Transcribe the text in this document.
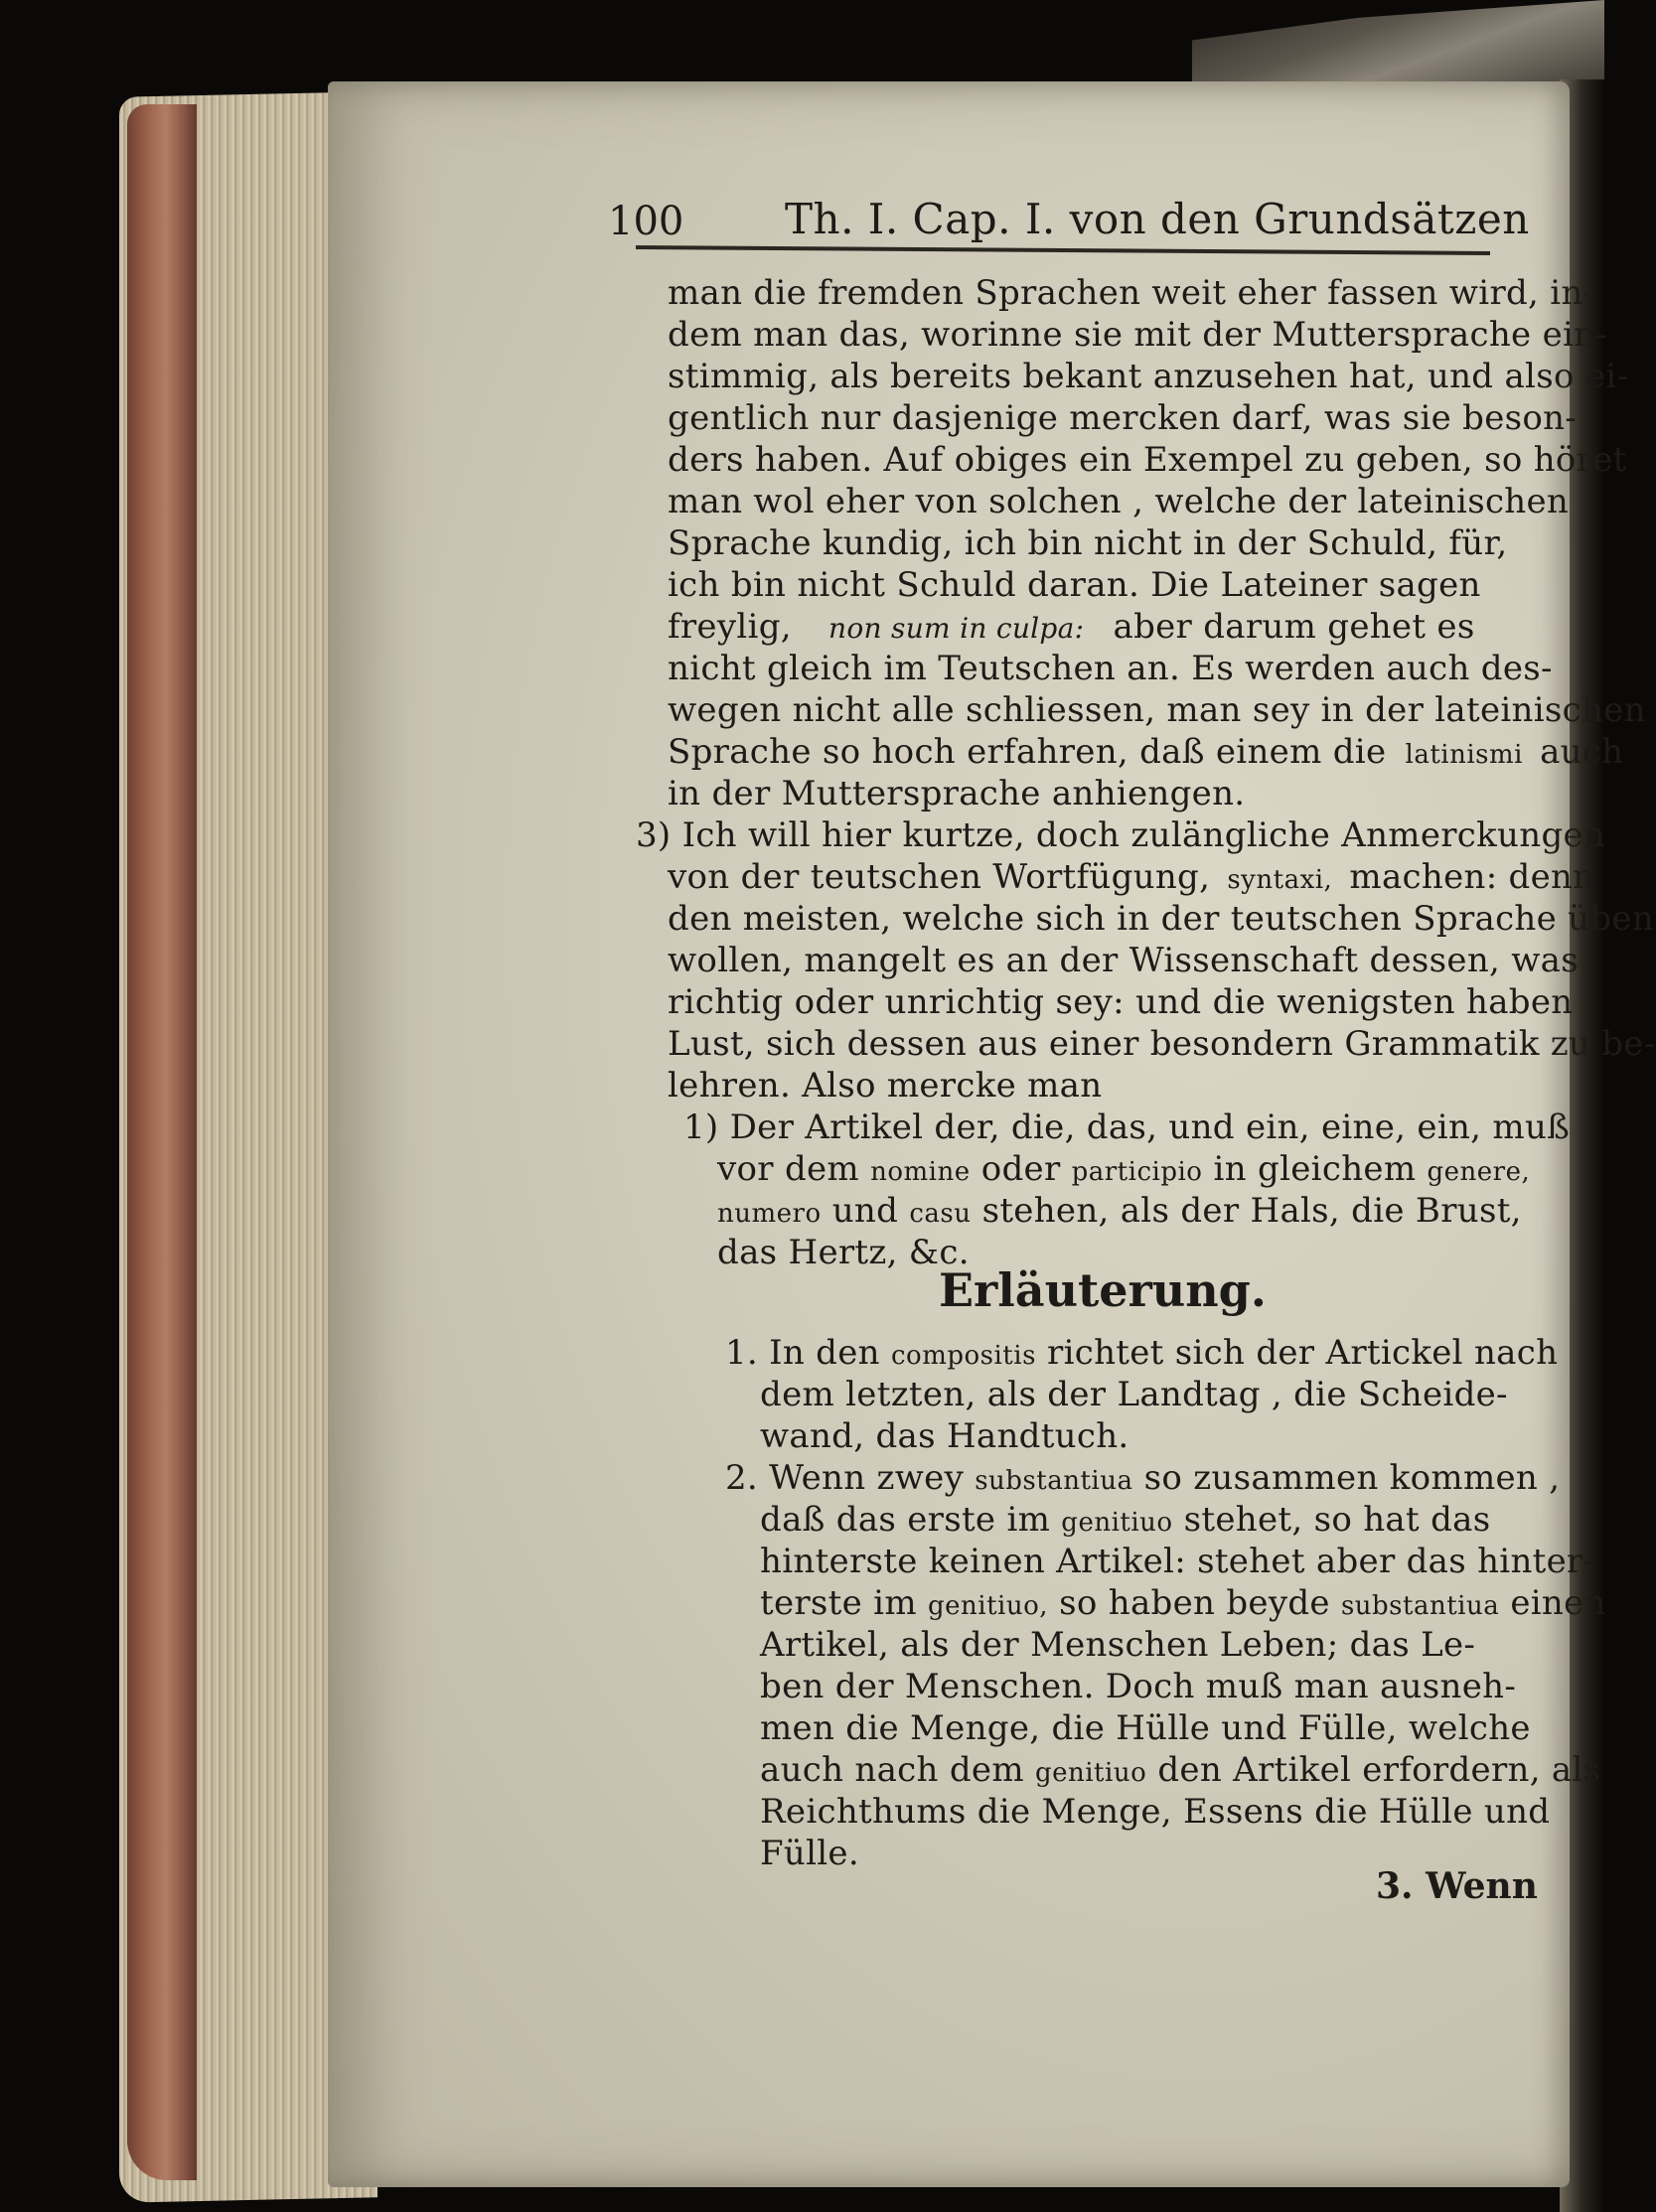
100 Th. I. Cap. I. von den Grundsätzen
man die fremden Sprachen weit eher fassen wird, in-
dem man das, worinne sie mit der Muttersprache ein-
stimmig, als bereits bekant anzusehen hat, und also ei-
gentlich nur dasjenige mercken darf, was sie beson-
ders haben. Auf obiges ein Exempel zu geben, so höret
man wol eher von solchen , welche der lateinischen
Sprache kundig, ich bin nicht in der Schuld, für,
ich bin nicht Schuld daran. Die Lateiner sagen
freylig, non sum in culpa: aber darum gehet es
nicht gleich im Teutschen an. Es werden auch des-
wegen nicht alle schliessen, man sey in der lateinischen
Sprache so hoch erfahren, daß einem die latinismi auch
in der Muttersprache anhiengen.
3) Ich will hier kurtze, doch zulängliche Anmerckungen
von der teutschen Wortfügung, syntaxi, machen: denn
den meisten, welche sich in der teutschen Sprache üben
wollen, mangelt es an der Wissenschaft dessen, was
richtig oder unrichtig sey: und die wenigsten haben
Lust, sich dessen aus einer besondern Grammatik zu be-
lehren. Also mercke man
1) Der Artikel der, die, das, und ein, eine, ein, muß
vor dem nomine oder participio in gleichem genere,
numero und casu stehen, als der Hals, die Brust,
das Hertz, &c.
Erläuterung.
1. In den compositis richtet sich der Artickel nach
dem letzten, als der Landtag , die Scheide-
wand, das Handtuch.
2. Wenn zwey substantiua so zusammen kommen ,
daß das erste im genitiuo stehet, so hat das
hinterste keinen Artikel: stehet aber das hinter-
terste im genitiuo, so haben beyde substantiua einen
Artikel, als der Menschen Leben; das Le-
ben der Menschen. Doch muß man ausneh-
men die Menge, die Hülle und Fülle, welche
auch nach dem genitiuo den Artikel erfordern, als
Reichthums die Menge, Essens die Hülle und
Fülle.
3. Wenn
